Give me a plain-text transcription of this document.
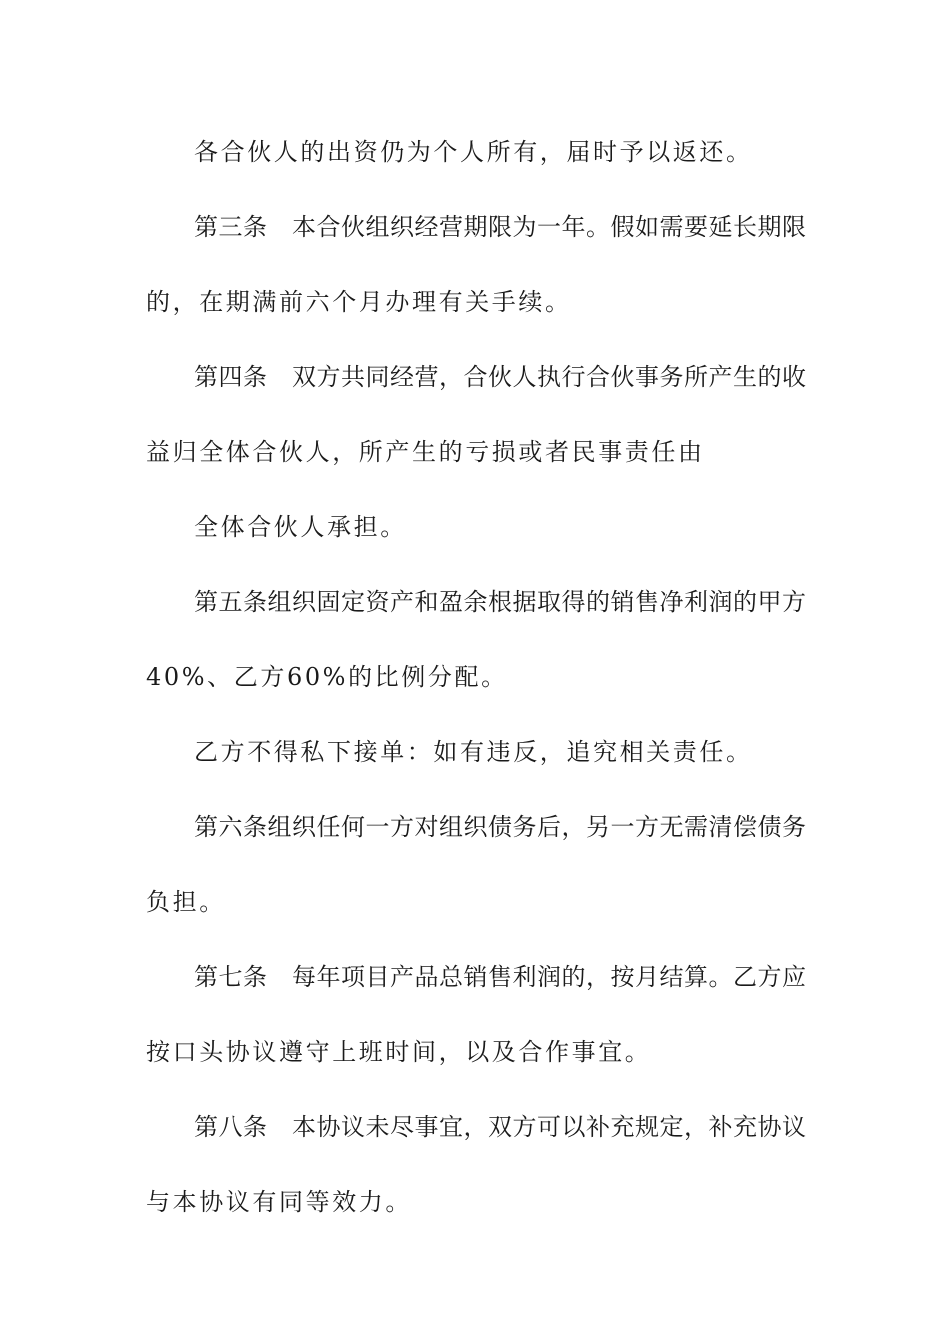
各合伙人的出资仍为个人所有，届时予以返还。
第三条　本合伙组织经营期限为一年。假如需要延长期限
的，在期满前六个月办理有关手续。
第四条　双方共同经营，合伙人执行合伙事务所产生的收
益归全体合伙人，所产生的亏损或者民事责任由
全体合伙人承担。
第五条组织固定资产和盈余根据取得的销售净利润的甲方
40%、乙方60%的比例分配。
乙方不得私下接单：如有违反，追究相关责任。
第六条组织任何一方对组织债务后，另一方无需清偿债务
负担。
第七条　每年项目产品总销售利润的，按月结算。乙方应
按口头协议遵守上班时间，以及合作事宜。
第八条　本协议未尽事宜，双方可以补充规定，补充协议
与本协议有同等效力。
